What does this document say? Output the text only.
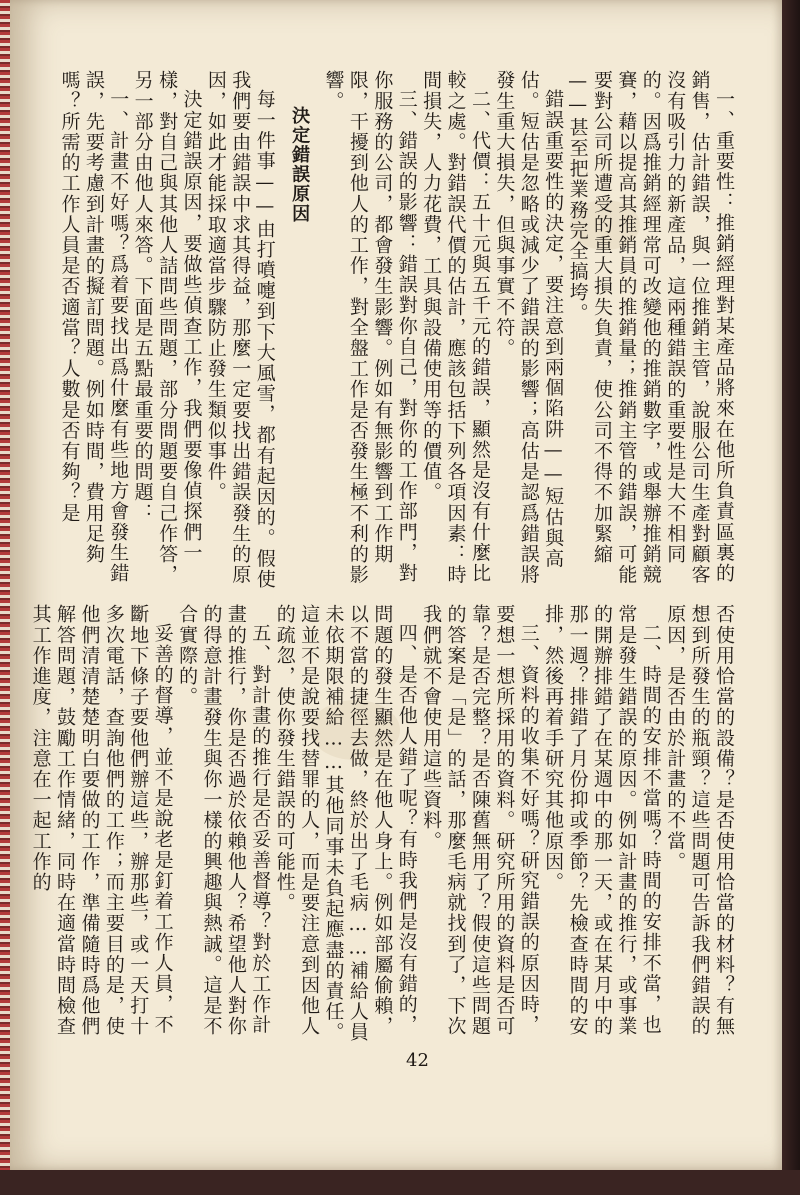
一、重要性：推銷經理對某產品將來在他所負責區裏的銷售，估計錯誤，與一位推銷主管，說服公司生產對顧客沒有吸引力的新產品，這兩種錯誤的重要性是大不相同的。因爲推銷經理常可改變他的推銷數字，或舉辦推銷競賽，藉以提高其推銷員的推銷量；推銷主管的錯誤，可能要對公司所遭受的重大損失負責，使公司不得不加緊縮——甚至把業務完全搞垮。
錯誤重要性的決定，要注意到兩個陷阱——短估與高估。短估是忽略或減少了錯誤的影響；高估是認爲錯誤將發生重大損失，但與事實不符。
二、代價：五十元與五千元的錯誤，顯然是沒有什麼比較之處。對錯誤代價的估計，應該包括下列各項因素：時間損失，人力花費，工具與設備使用等的價值。
三、錯誤的影響：錯誤對你自己，對你的工作部門，對你服務的公司，都會發生影響。例如有無影響到工作期限，干擾到他人的工作，對全盤工作是否發生極不利的影響。
決定錯誤原因
每一件事——由打噴嚏到下大風雪，都有起因的。假使我們要由錯誤中求其得益，那麼一定要找出錯誤發生的原因，如此才能採取適當步驟防止發生類似事件。
決定錯誤原因，要做些偵查工作，我們要像偵探們一樣，對自己與其他人詰問些問題，部分問題要自己作答，另一部分由他人來答。下面是五點最重要的問題：
一、計畫不好嗎？爲着要找出爲什麼有些地方會發生錯誤，先要考慮到計畫的擬訂問題。例如時間，費用足夠嗎？所需的工作人員是否適當？人數是否有夠？是
否使用恰當的設備？是否使用恰當的材料？有無想到所發生的瓶頸？這些問題可告訴我們錯誤的原因，是否由於計畫的不當。
二、時間的安排不當嗎？時間的安排不當，也常是發生錯誤的原因。例如計畫的推行，或事業的開辦排錯了在某週中的那一天，或在某月中的那一週？排錯了月份抑或季節？先檢查時間的安排，然後再着手研究其他原因。
三、資料的收集不好嗎？研究錯誤的原因時，要想一想所採用的資料。研究所用的資料是否可靠？是否完整？是否陳舊無用了？假使這些問題的答案是「是」的話，那麼毛病就找到了，下次我們就不會使用這些資料。
四、是否他人錯了呢？有時我們是沒有錯的，問題的發生顯然是在他人身上。例如部屬偷賴，以不當的捷徑去做，終於出了毛病……補給人員未依期限補給……其他同事未負起應盡的責任。這並不是說要找替罪的人，而是要注意到因他人的疏忽，使你發生錯誤的可能性。
五、對計畫的推行是否妥善督導？對於工作計畫的推行，你是否過於依賴他人？希望他人對你的得意計畫發生與你一樣的興趣與熱誠。這是不合實際的。
妥善的督導，並不是說老是釘着工作人員，不斷地下條子要他們辦這些，辦那些，或一天打十多次電話，查詢他們的工作；而主要目的是，使他們清清楚楚明白要做的工作，準備隨時爲他們解答問題，鼓勵工作情緒，同時在適當時間檢查其工作進度，注意在一起工作的
42
